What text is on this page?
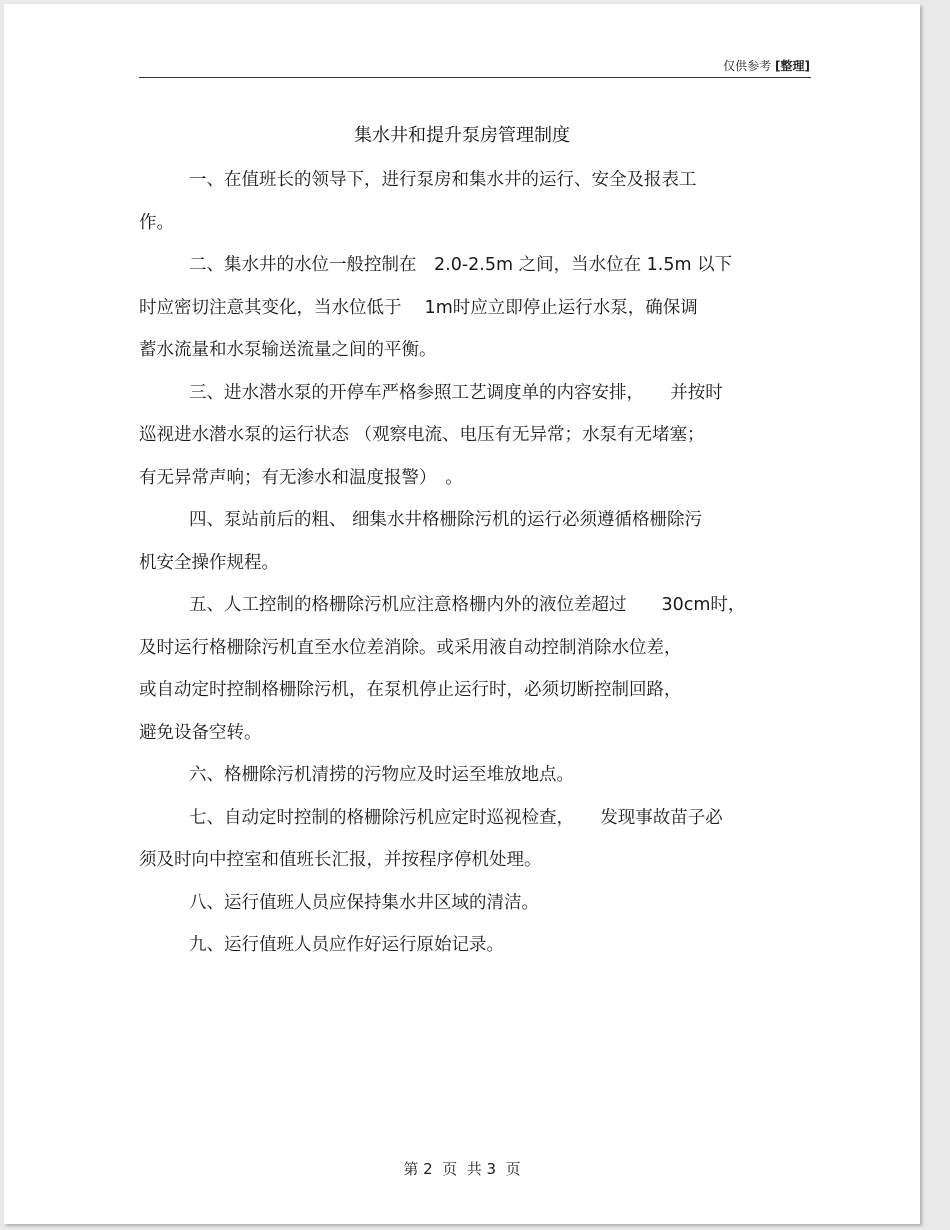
仅供参考 [整理]
集水井和提升泵房管理制度
一、在值班长的领导下，进行泵房和集水井的运行、安全及报表工
作。
二、集水井的水位一般控制在　2.0-2.5m 之间，当水位在 1.5m 以下
时应密切注意其变化，当水位低于　 1m时应立即停止运行水泵，确保调
蓄水流量和水泵输送流量之间的平衡。
三、进水潜水泵的开停车严格参照工艺调度单的内容安排，　　并按时
巡视进水潜水泵的运行状态 （观察电流、电压有无异常；水泵有无堵塞；
有无异常声响；有无渗水和温度报警）　。
四、泵站前后的粗、 细集水井格栅除污机的运行必须遵循格栅除污
机安全操作规程。
五、人工控制的格栅除污机应注意格栅内外的液位差超过　　30cm时，
及时运行格栅除污机直至水位差消除。或采用液自动控制消除水位差，
或自动定时控制格栅除污机，在泵机停止运行时，必须切断控制回路，
避免设备空转。
六、格栅除污机清捞的污物应及时运至堆放地点。
七、自动定时控制的格栅除污机应定时巡视检查，　　发现事故苗子必
须及时向中控室和值班长汇报，并按程序停机处理。
八、运行值班人员应保持集水井区域的清洁。
九、运行值班人员应作好运行原始记录。
第 2  页  共 3  页
